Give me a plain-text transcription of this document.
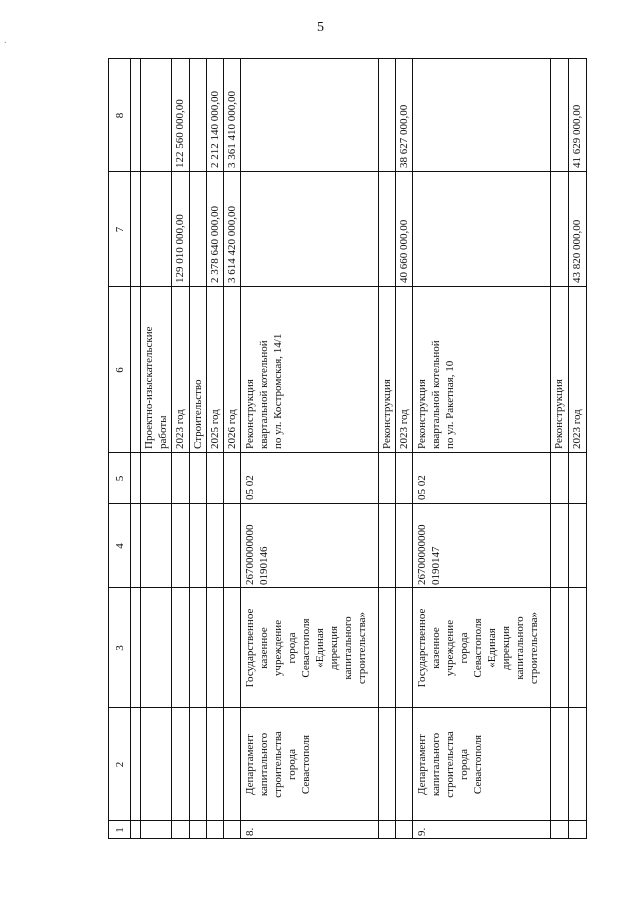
5
.
1
2
3
4
5
6
7
8
Проектно-изыскательские работы 2023 год
129 010 000,00
122 560 000,00
Строительство 2025 год
2 378 640 000,00
2 212 140 000,00
2026 год
3 614 420 000,00
3 361 410 000,00
8.
Департамент капитального строительства города Севастополя
Государственное казенное учреждение города Севастополя «Единая дирекция капитального строительства»
26700000000 0190146
05 02
Реконструкция квартальной котельной по ул. Костромская, 14/1	Реконструкция 2023 год
40 660 000,00
38 627 000,00
9.
Департамент капитального строительства города Севастополя
Государственное казенное учреждение города Севастополя «Единая дирекция капитального строительства»
26700000000 0190147
05 02
Реконструкция квартальной котельной по ул. Ракетная, 10	Реконструкция 2023 год
43 820 000,00
41 629 000,00
